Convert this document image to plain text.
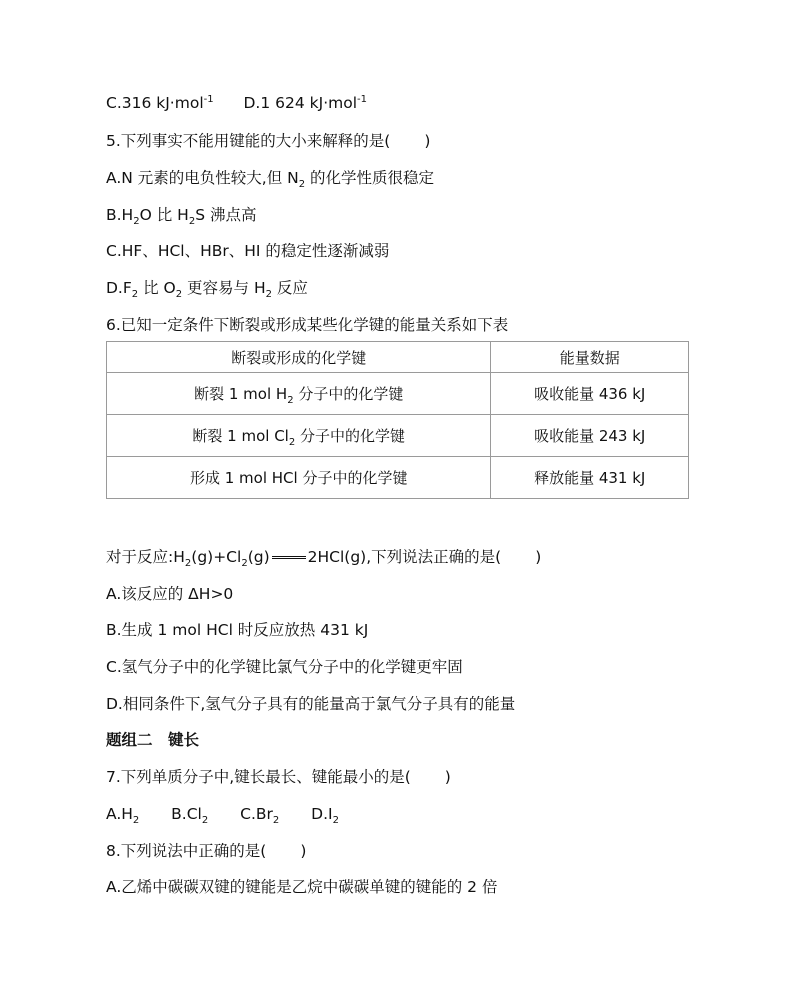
C.316 kJ·mol$^{-1}$ D.1 624 kJ·mol$^{-1}$
5.下列事实不能用键能的大小来解释的是( )
A.N 元素的电负性较大,但 $N_2$ 的化学性质很稳定
$B.H_2O$ 比 $H_2S$ 沸点高
C.HF、HCl、HBr、HI 的稳定性逐渐减弱
$D.F_2$ 比 $O_2$ 更容易与 $H_2$ 反应
6.已知一定条件下断裂或形成某些化学键的能量关系如下表
断裂或形成的化学键	能量数据
断裂 1 mol $H_2$ 分子中的化学键	吸收能量 436 kJ
断裂 1 mol $Cl_2$ 分子中的化学键	吸收能量 243 kJ
形成 1 mol HCl 分子中的化学键	释放能量 431 kJ
对于反应$:H_2(g)+Cl_2(g)$ 2HCl(g),下列说法正确的是( )
A.该反应的 ΔH>0
B.生成 1 mol HCl 时反应放热 431 kJ
C.氢气分子中的化学键比氯气分子中的化学键更牢固
D.相同条件下,氢气分子具有的能量高于氯气分子具有的能量
题组二　键长
7.下列单质分子中,键长最长、键能最小的是( )
$A.H_2$ $B.Cl_2$ $C.Br_2$ $D.I_2$
8.下列说法中正确的是( )
A.乙烯中碳碳双键的键能是乙烷中碳碳单键的键能的 2 倍
